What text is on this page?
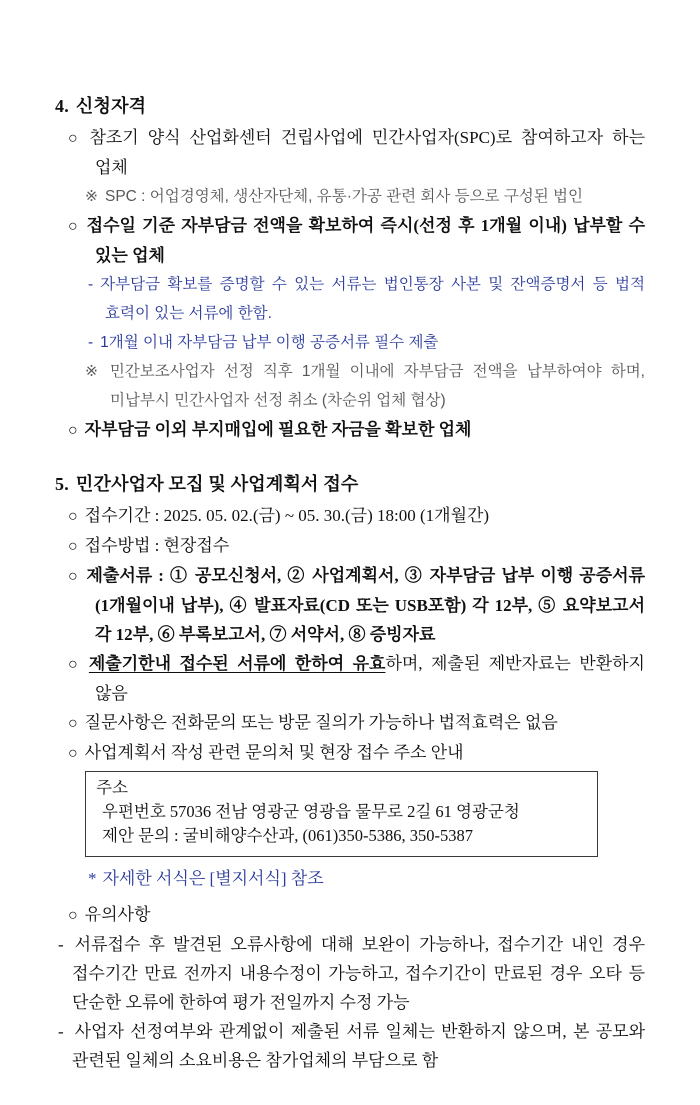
4. 신청자격
○ 참조기 양식 산업화센터 건립사업에 민간사업자(SPC)로 참여하고자 하는 업체
※ SPC : 어업경영체, 생산자단체, 유통·가공 관련 회사 등으로 구성된 법인
○ 접수일 기준 자부담금 전액을 확보하여 즉시(선정 후 1개월 이내) 납부할 수 있는 업체
- 자부담금 확보를 증명할 수 있는 서류는 법인통장 사본 및 잔액증명서 등 법적 효력이 있는 서류에 한함.
- 1개월 이내 자부담금 납부 이행 공증서류 필수 제출
※ 민간보조사업자 선정 직후 1개월 이내에 자부담금 전액을 납부하여야 하며, 미납부시 민간사업자 선정 취소 (차순위 업체 협상)
○ 자부담금 이외 부지매입에 필요한 자금을 확보한 업체
5. 민간사업자 모집 및 사업계획서 접수
○ 접수기간 : 2025. 05. 02.(금) ~ 05. 30.(금) 18:00 (1개월간)
○ 접수방법 : 현장접수
○ 제출서류 : ① 공모신청서, ② 사업계획서, ③ 자부담금 납부 이행 공증서류(1개월이내 납부), ④ 발표자료(CD 또는 USB포함) 각 12부, ⑤ 요약보고서 각 12부, ⑥ 부록보고서, ⑦ 서약서, ⑧ 증빙자료
○ 제출기한내 접수된 서류에 한하여 유효하며, 제출된 제반자료는 반환하지 않음
○ 질문사항은 전화문의 또는 방문 질의가 가능하나 법적효력은 없음
○ 사업계획서 작성 관련 문의처 및 현장 접수 주소 안내
주소
우편번호 57036 전남 영광군 영광읍 물무로 2길 61 영광군청
제안 문의 : 굴비해양수산과, (061)350-5386, 350-5387
* 자세한 서식은 [별지서식] 참조
○ 유의사항
- 서류접수 후 발견된 오류사항에 대해 보완이 가능하나, 접수기간 내인 경우 접수기간 만료 전까지 내용수정이 가능하고, 접수기간이 만료된 경우 오타 등 단순한 오류에 한하여 평가 전일까지 수정 가능
- 사업자 선정여부와 관계없이 제출된 서류 일체는 반환하지 않으며, 본 공모와 관련된 일체의 소요비용은 참가업체의 부담으로 함
